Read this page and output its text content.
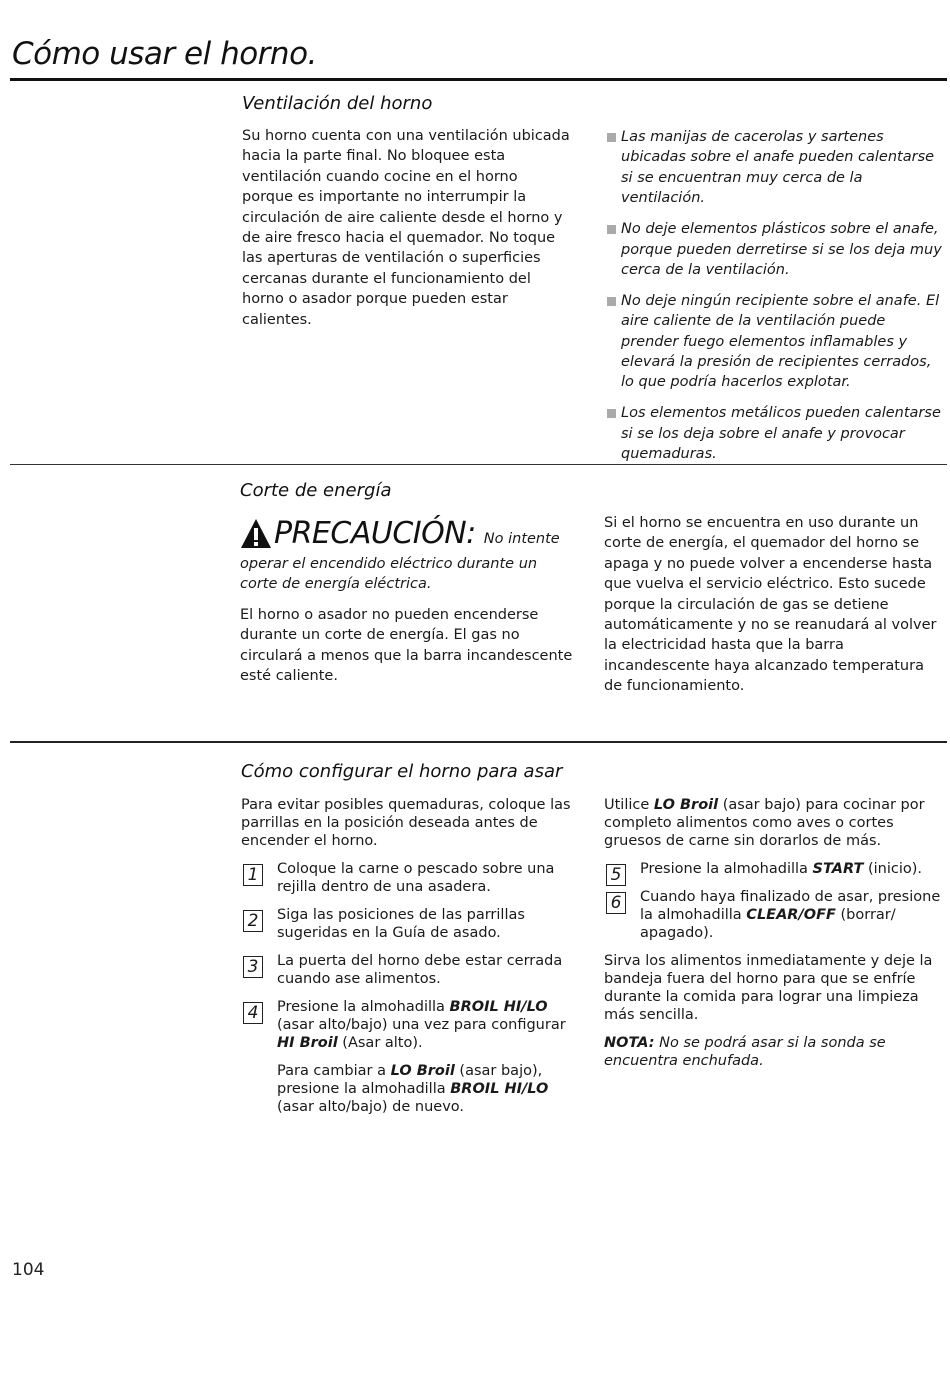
Cómo usar el horno.
Ventilación del horno
Su horno cuenta con una ventilación ubicada hacia la parte final. No bloquee esta ventilación cuando cocine en el horno porque es importante no interrumpir la circulación de aire caliente desde el horno y de aire fresco hacia el quemador. No toque las aperturas de ventilación o superficies cercanas durante el funcionamiento del horno o asador porque pueden estar calientes.
Las manijas de cacerolas y sartenes ubicadas sobre el anafe pueden calentarse si se encuentran muy cerca de la ventilación.
No deje elementos plásticos sobre el anafe, porque pueden derretirse si se los deja muy cerca de la ventilación.
No deje ningún recipiente sobre el anafe. El aire caliente de la ventilación puede prender fuego elementos inflamables y elevará la presión de recipientes cerrados, lo que podría hacerlos explotar.
Los elementos metálicos pueden calentarse si se los deja sobre el anafe y provocar quemaduras.
Corte de energía
PRECAUCIÓN: No intente
operar el encendido eléctrico durante un corte de energía eléctrica.
El horno o asador no pueden encenderse durante un corte de energía. El gas no circulará a menos que la barra incandescente esté caliente.
Si el horno se encuentra en uso durante un corte de energía, el quemador del horno se apaga y no puede volver a encenderse hasta que vuelva el servicio eléctrico. Esto sucede porque la circulación de gas se detiene automáticamente y no se reanudará al volver la electricidad hasta que la barra incandescente haya alcanzado temperatura de funcionamiento.
Cómo configurar el horno para asar
Para evitar posibles quemaduras, coloque las parrillas en la posición deseada antes de encender el horno.
1	Coloque la carne o pescado sobre una rejilla dentro de una asadera.
2	Siga las posiciones de las parrillas sugeridas en la Guía de asado.
3	La puerta del horno debe estar cerrada cuando ase alimentos.
4	Presione la almohadilla BROIL HI/LO (asar alto/bajo) una vez para configurar HI Broil (Asar alto).
Para cambiar a LO Broil (asar bajo), presione la almohadilla BROIL HI/LO (asar alto/bajo) de nuevo.
Utilice LO Broil (asar bajo) para cocinar por completo alimentos como aves o cortes gruesos de carne sin dorarlos de más.
5	Presione la almohadilla START (inicio).
6	Cuando haya finalizado de asar, presione la almohadilla CLEAR/OFF (borrar/ apagado).
Sirva los alimentos inmediatamente y deje la bandeja fuera del horno para que se enfríe durante la comida para lograr una limpieza más sencilla.
NOTA: No se podrá asar si la sonda se encuentra enchufada.
104
